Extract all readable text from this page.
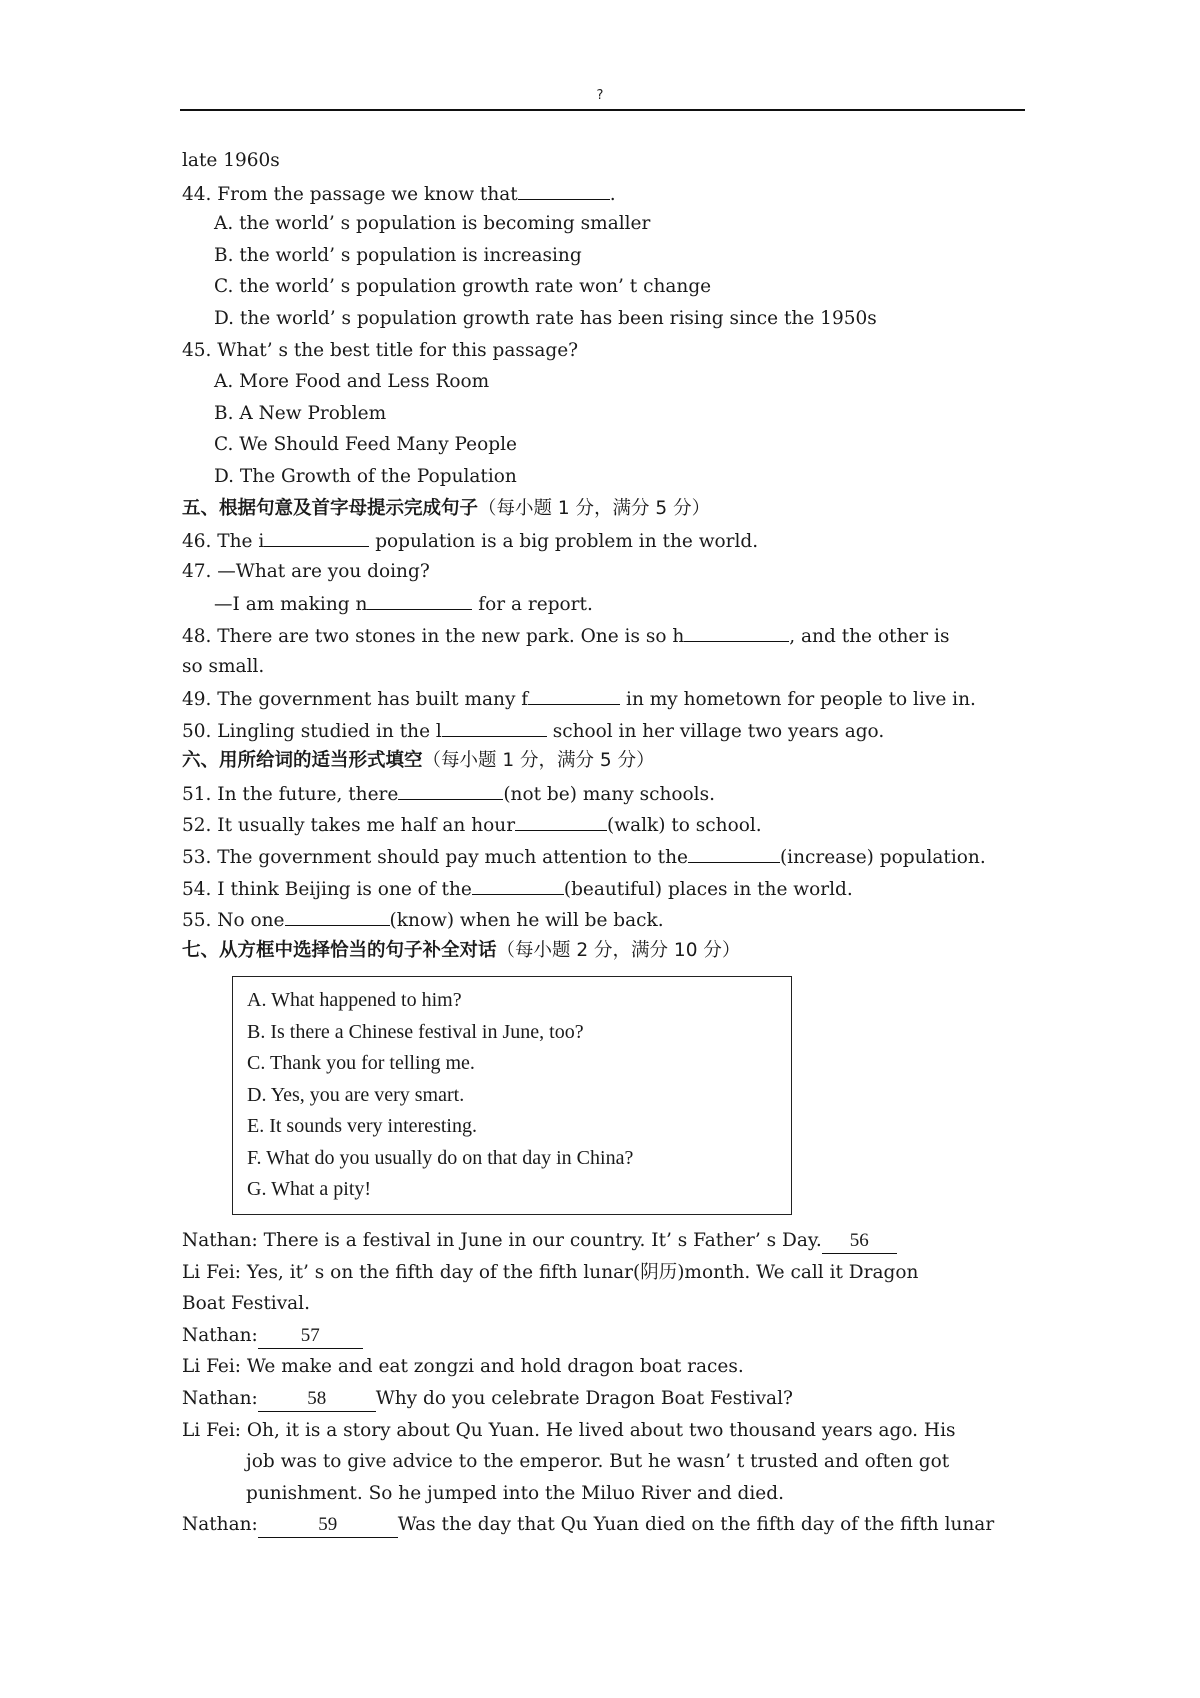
?
late 1960s
44. From the passage we know that	.
A. the world’ s population is becoming smaller
B. the world’ s population is increasing
C. the world’ s population growth rate won’ t change
D. the world’ s population growth rate has been rising since the 1950s
45. What’ s the best title for this passage?
A. More Food and Less Room
B. A New Problem
C. We Should Feed Many People
D. The Growth of the Population
五、根据句意及首字母提示完成句子（每小题 1 分，满分 5 分）
46. The i	population is a big problem in the world.
47. —What are you doing?
—I am making n	for a report.
48. There are two stones in the new park. One is so h	, and the other is
so small.
49. The government has built many f	in my hometown for people to live in.
50. Lingling studied in the l	school in her village two years ago.
六、用所给词的适当形式填空（每小题 1 分，满分 5 分）
51. In the future, there	(not be) many schools.
52. It usually takes me half an hour	(walk) to school.
53. The government should pay much attention to the	(increase) population.
54. I think Beijing is one of the	(beautiful) places in the world.
55. No one	(know) when he will be back.
七、从方框中选择恰当的句子补全对话（每小题 2 分，满分 10 分）
A. What happened to him?
B. Is there a Chinese festival in June, too?
C. Thank you for telling me.
D. Yes, you are very smart.
E. It sounds very interesting.
F. What do you usually do on that day in China?
G. What a pity!
Nathan: There is a festival in June in our country. It’ s Father’ s Day. 56
Li Fei: Yes, it’ s on the fifth day of the fifth lunar(阴历)month. We call it Dragon
Boat Festival.
Nathan: 57
Li Fei: We make and eat zongzi and hold dragon boat races.
Nathan:	58	Why do you celebrate Dragon Boat Festival?
Li Fei: Oh, it is a story about Qu Yuan. He lived about two thousand years ago. His
job was to give advice to the emperor. But he wasn’ t trusted and often got
punishment. So he jumped into the Miluo River and died.
Nathan:	59	Was the day that Qu Yuan died on the fifth day of the fifth lunar
